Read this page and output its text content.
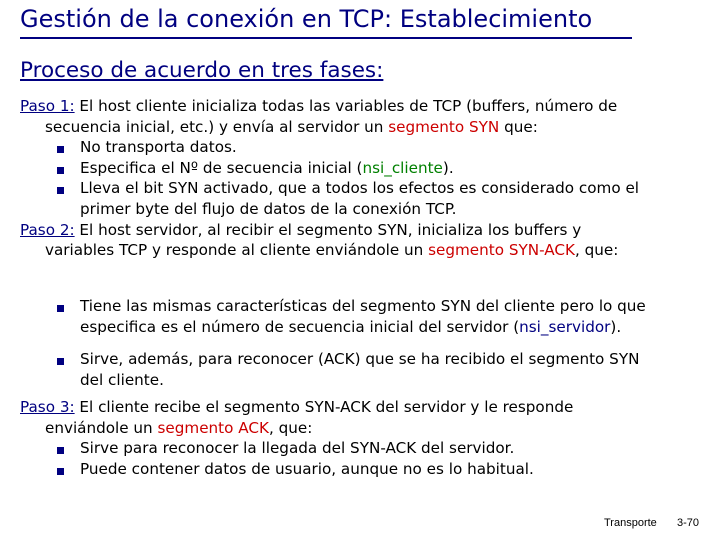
Gestión de la conexión en TCP: Establecimiento
Proceso de acuerdo en tres fases:
Paso 1: El host cliente inicializa todas las variables de TCP (buffers, número de
secuencia inicial, etc.) y envía al servidor un segmento SYN que:
No transporta datos.
Especifica el Nº de secuencia inicial (nsi_cliente).
Lleva el bit SYN activado, que a todos los efectos es considerado como el
primer byte del flujo de datos de la conexión TCP.
Paso 2: El host servidor, al recibir el segmento SYN, inicializa los buffers y
variables TCP y responde al cliente enviándole un segmento SYN-ACK, que:
Tiene las mismas características del segmento SYN del cliente pero lo que
especifica es el número de secuencia inicial del servidor (nsi_servidor).
Sirve, además, para reconocer (ACK) que se ha recibido el segmento SYN
del cliente.
Paso 3: El cliente recibe el segmento SYN-ACK del servidor y le responde
enviándole un segmento ACK, que:
Sirve para reconocer la llegada del SYN-ACK del servidor.
Puede contener datos de usuario, aunque no es lo habitual.
Transporte 3-70
